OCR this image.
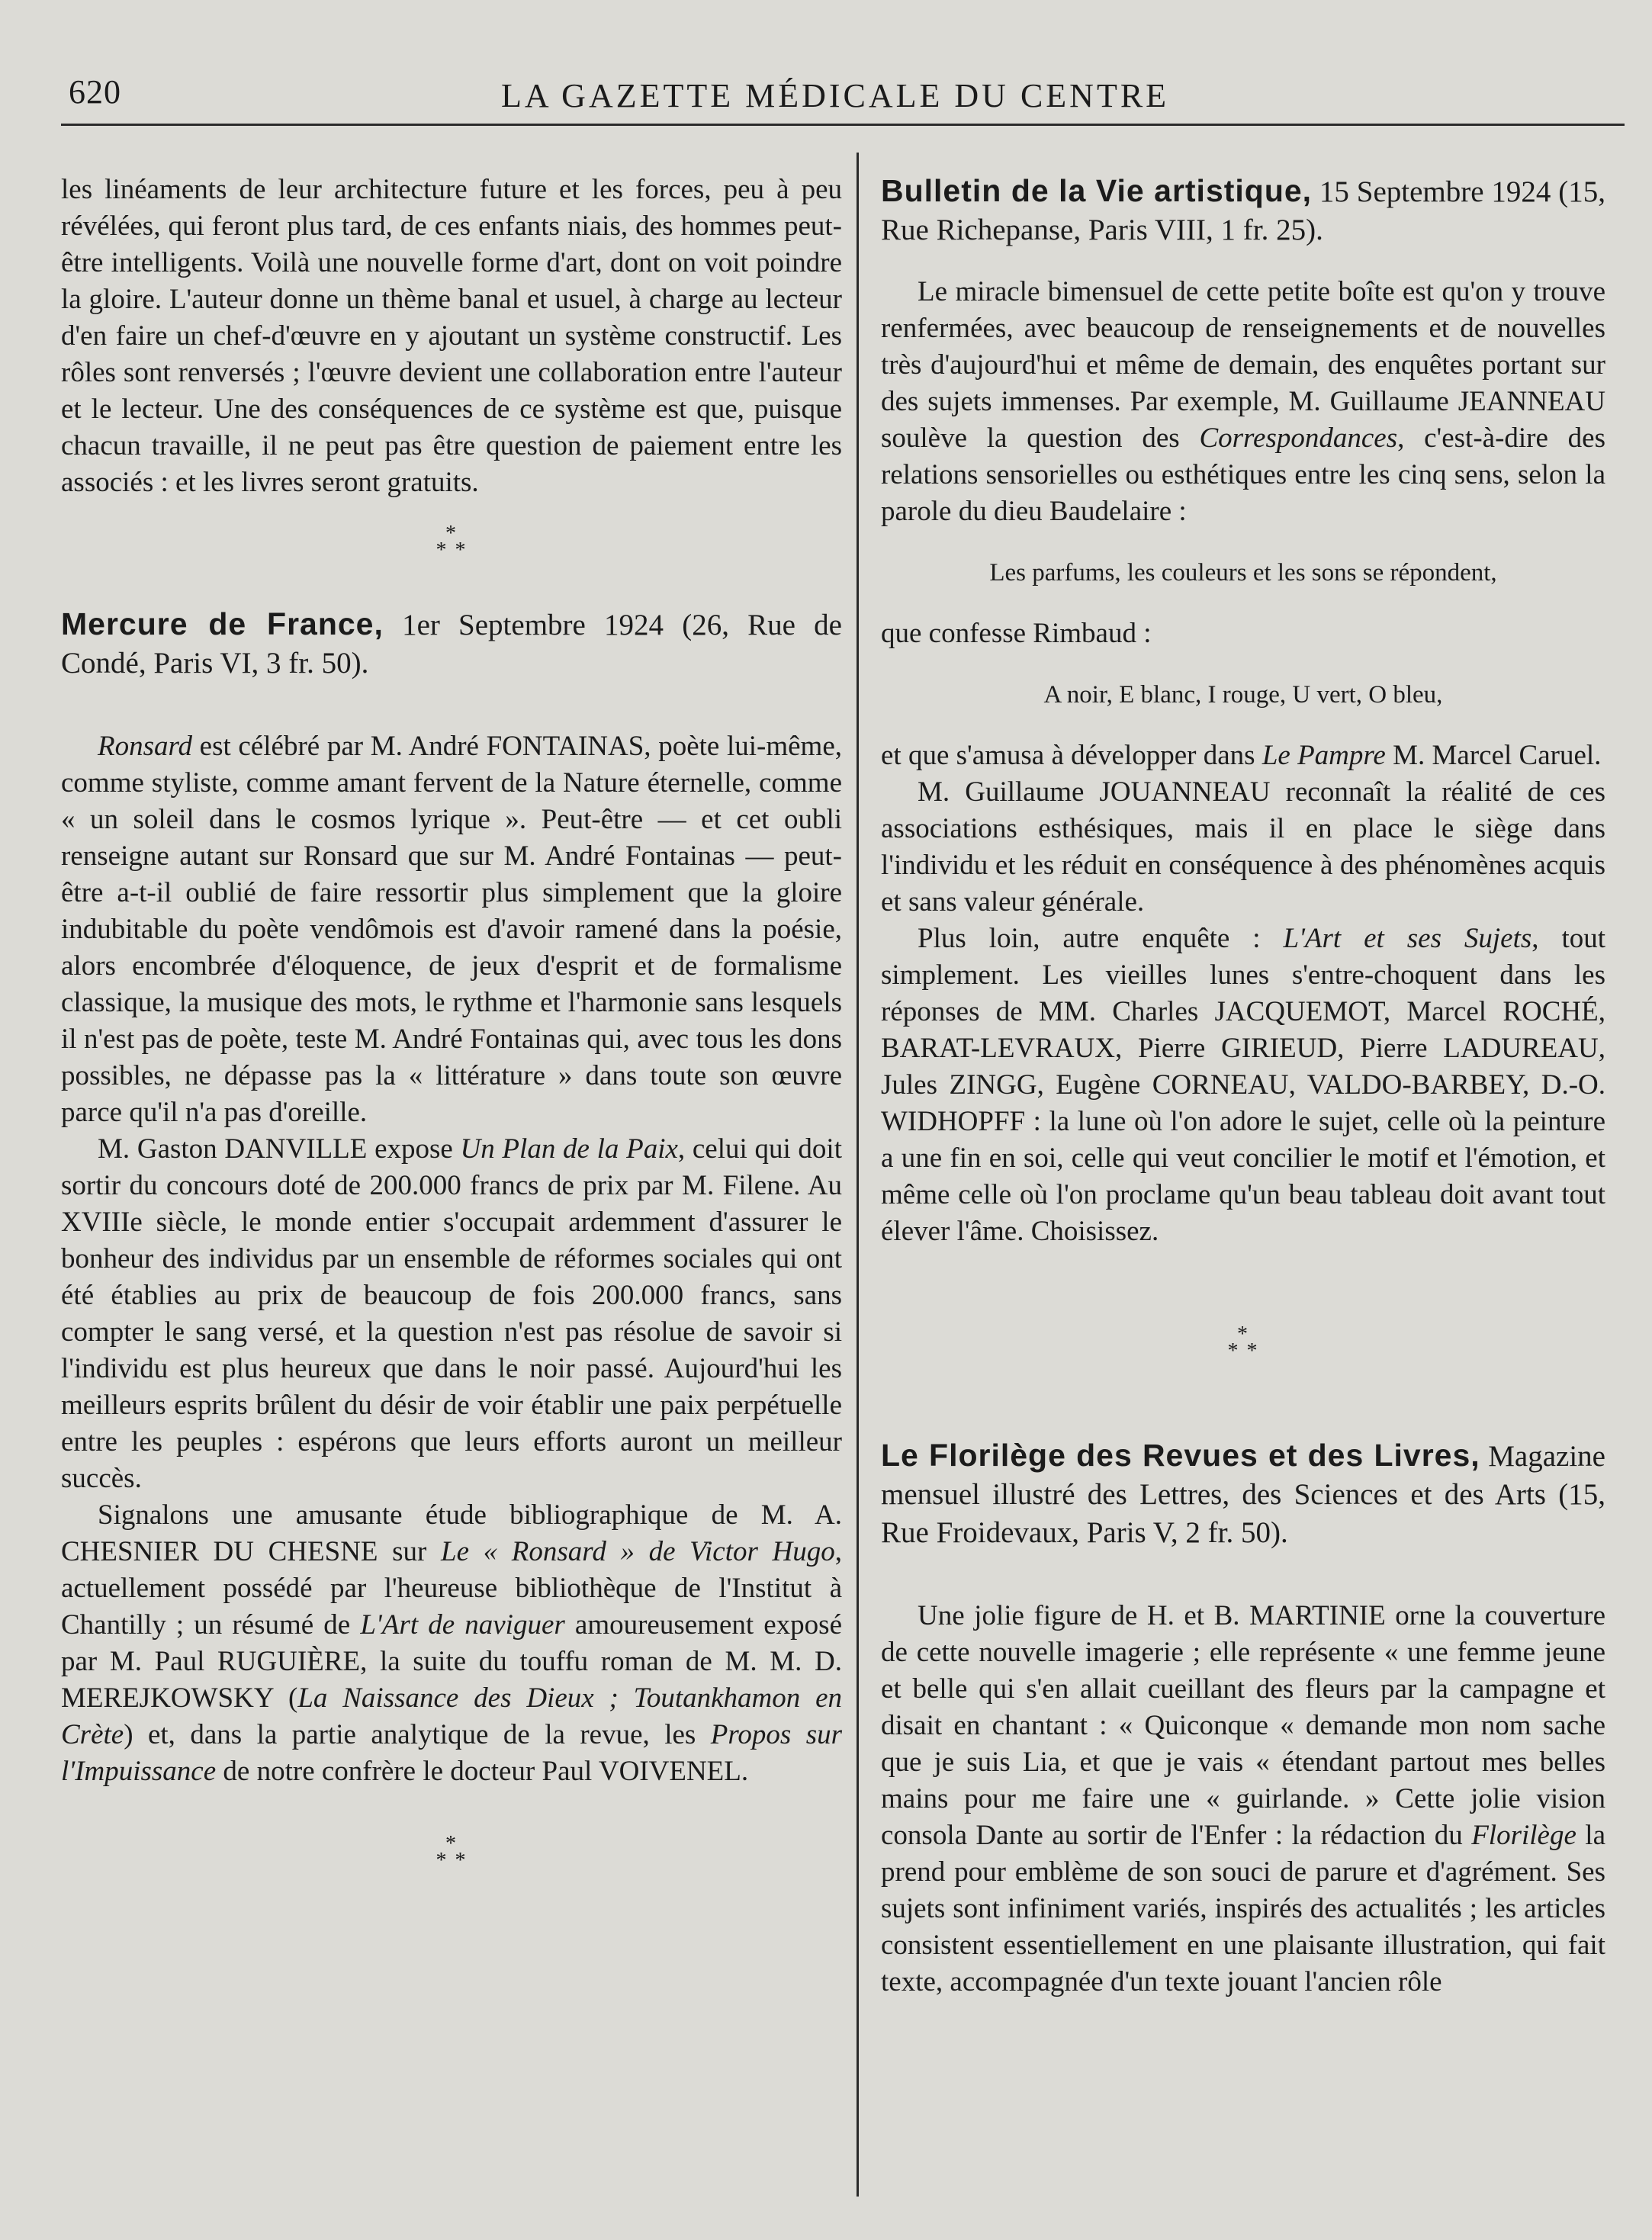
620	LA GAZETTE MÉDICALE DU CENTRE

les linéaments de leur architecture future et les forces, peu à peu révélées, qui feront plus tard, de ces enfants niais, des hommes peut-être intelligents. Voilà une nouvelle forme d'art, dont on voit poindre la gloire. L'auteur donne un thème banal et usuel, à charge au lecteur d'en faire un chef-d'œuvre en y ajoutant un système constructif. Les rôles sont renversés ; l'œuvre devient une collaboration entre l'auteur et le lecteur. Une des conséquences de ce système est que, puisque chacun travaille, il ne peut pas être question de paiement entre les associés : et les livres seront gratuits.

*
* *

Mercure de France, 1er Septembre 1924 (26, Rue de Condé, Paris VI, 3 fr. 50).

Ronsard est célébré par M. André FONTAINAS, poète lui-même, comme styliste, comme amant fervent de la Nature éternelle, comme « un soleil dans le cosmos lyrique ». Peut-être — et cet oubli renseigne autant sur Ronsard que sur M. André Fontainas — peut-être a-t-il oublié de faire ressortir plus simplement que la gloire indubitable du poète vendômois est d'avoir ramené dans la poésie, alors encombrée d'éloquence, de jeux d'esprit et de formalisme classique, la musique des mots, le rythme et l'harmonie sans lesquels il n'est pas de poète, teste M. André Fontainas qui, avec tous les dons possibles, ne dépasse pas la « littérature » dans toute son œuvre parce qu'il n'a pas d'oreille.

M. Gaston DANVILLE expose Un Plan de la Paix, celui qui doit sortir du concours doté de 200.000 francs de prix par M. Filene. Au XVIIIe siècle, le monde entier s'occupait ardemment d'assurer le bonheur des individus par un ensemble de réformes sociales qui ont été établies au prix de beaucoup de fois 200.000 francs, sans compter le sang versé, et la question n'est pas résolue de savoir si l'individu est plus heureux que dans le noir passé. Aujourd'hui les meilleurs esprits brûlent du désir de voir établir une paix perpétuelle entre les peuples : espérons que leurs efforts auront un meilleur succès.

Signalons une amusante étude bibliographique de M. A. CHESNIER DU CHESNE sur Le « Ronsard » de Victor Hugo, actuellement possédé par l'heureuse bibliothèque de l'Institut à Chantilly ; un résumé de L'Art de naviguer amoureusement exposé par M. Paul RUGUIÈRE, la suite du touffu roman de M. M. D. MEREJKOWSKY (La Naissance des Dieux ; Toutankhamon en Crète) et, dans la partie analytique de la revue, les Propos sur l'Impuissance de notre confrère le docteur Paul VOIVENEL.

*
* *

Bulletin de la Vie artistique, 15 Septembre 1924 (15, Rue Richepanse, Paris VIII, 1 fr. 25).

Le miracle bimensuel de cette petite boîte est qu'on y trouve renfermées, avec beaucoup de renseignements et de nouvelles très d'aujourd'hui et même de demain, des enquêtes portant sur des sujets immenses. Par exemple, M. Guillaume JEANNEAU soulève la question des Correspondances, c'est-à-dire des relations sensorielles ou esthétiques entre les cinq sens, selon la parole du dieu Baudelaire :

Les parfums, les couleurs et les sons se répondent,

que confesse Rimbaud :

A noir, E blanc, I rouge, U vert, O bleu,

et que s'amusa à développer dans Le Pampre M. Marcel Caruel.

M. Guillaume JOUANNEAU reconnaît la réalité de ces associations esthésiques, mais il en place le siège dans l'individu et les réduit en conséquence à des phénomènes acquis et sans valeur générale.

Plus loin, autre enquête : L'Art et ses Sujets, tout simplement. Les vieilles lunes s'entre-choquent dans les réponses de MM. Charles JACQUEMOT, Marcel ROCHÉ, BARAT-LEVRAUX, Pierre GIRIEUD, Pierre LADUREAU, Jules ZINGG, Eugène CORNEAU, VALDO-BARBEY, D.-O. WIDHOPFF : la lune où l'on adore le sujet, celle où la peinture a une fin en soi, celle qui veut concilier le motif et l'émotion, et même celle où l'on proclame qu'un beau tableau doit avant tout élever l'âme. Choisissez.

*
* *

Le Florilège des Revues et des Livres, Magazine mensuel illustré des Lettres, des Sciences et des Arts (15, Rue Froidevaux, Paris V, 2 fr. 50).

Une jolie figure de H. et B. MARTINIE orne la couverture de cette nouvelle imagerie ; elle représente « une femme jeune et belle qui s'en allait cueillant des fleurs par la campagne et disait en chantant : « Quiconque « demande mon nom sache que je suis Lia, et que je vais « étendant partout mes belles mains pour me faire une « guirlande. » Cette jolie vision consola Dante au sortir de l'Enfer : la rédaction du Florilège la prend pour emblème de son souci de parure et d'agrément. Ses sujets sont infiniment variés, inspirés des actualités ; les articles consistent essentiellement en une plaisante illustration, qui fait texte, accompagnée d'un texte jouant l'ancien rôle
